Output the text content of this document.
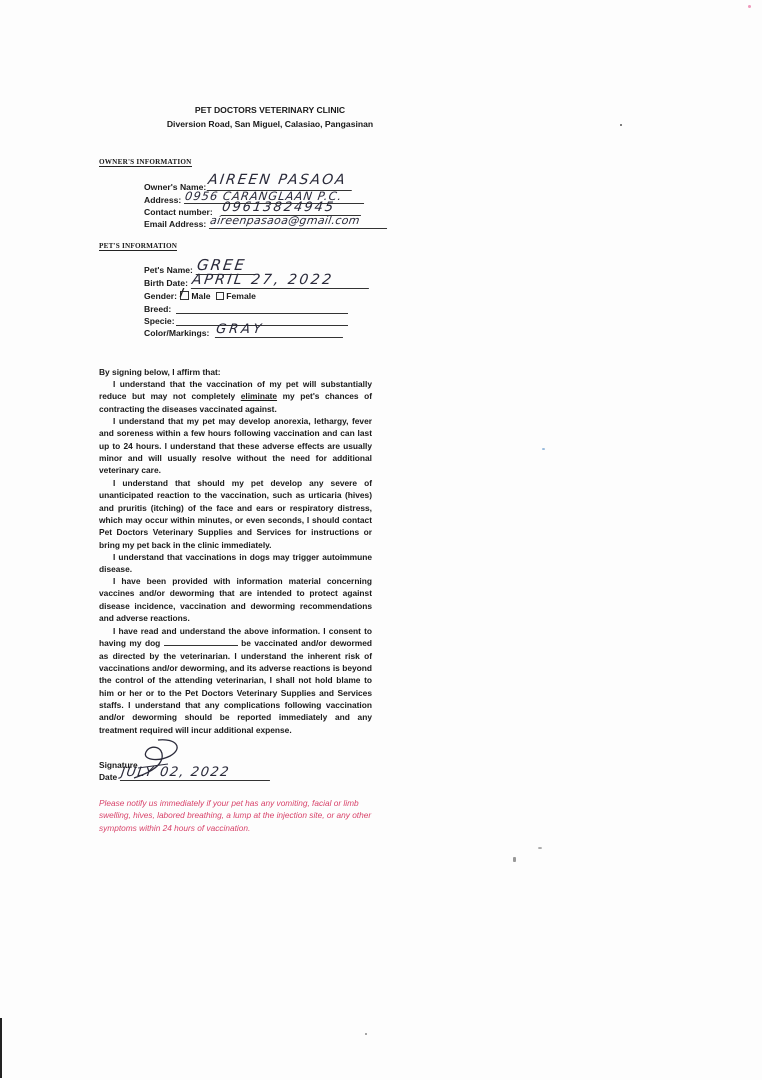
PET DOCTORS VETERINARY CLINIC
Diversion Road, San Miguel, Calasiao, Pangasinan
OWNER'S INFORMATION
Owner's Name: AIREEN PASAOA
Address: 0956 CARANGLAAN P.C.
Contact number: 09613824945
Email Address: aireenpasaoa@gmail.com
PET'S INFORMATION
Pet's Name: GREE
Birth Date: APRIL 27, 2022
Gender: / Male Female
Breed:
Specie:
Color/Markings: GRAY
By signing below, I affirm that:
I understand that the vaccination of my pet will substantially reduce but may not completely eliminate my pet's chances of contracting the diseases vaccinated against.
I understand that my pet may develop anorexia, lethargy, fever and soreness within a few hours following vaccination and can last up to 24 hours. I understand that these adverse effects are usually minor and will usually resolve without the need for additional veterinary care.
I understand that should my pet develop any severe of unanticipated reaction to the vaccination, such as urticaria (hives) and pruritis (itching) of the face and ears or respiratory distress, which may occur within minutes, or even seconds, I should contact Pet Doctors Veterinary Supplies and Services for instructions or bring my pet back in the clinic immediately.
I understand that vaccinations in dogs may trigger autoimmune disease.
I have been provided with information material concerning vaccines and/or deworming that are intended to protect against disease incidence, vaccination and deworming recommendations and adverse reactions.
I have read and understand the above information. I consent to having my dog	be vaccinated and/or dewormed as directed by the veterinarian. I understand the inherent risk of vaccinations and/or deworming, and its adverse reactions is beyond the control of the attending veterinarian, I shall not hold blame to him or her or to the Pet Doctors Veterinary Supplies and Services staffs. I understand that any complications following vaccination and/or deworming should be reported immediately and any treatment required will incur additional expense.
Signature
Date JULY 02, 2022
Please notify us immediately if your pet has any vomiting, facial or limb swelling, hives, labored breathing, a lump at the injection site, or any other symptoms within 24 hours of vaccination.
